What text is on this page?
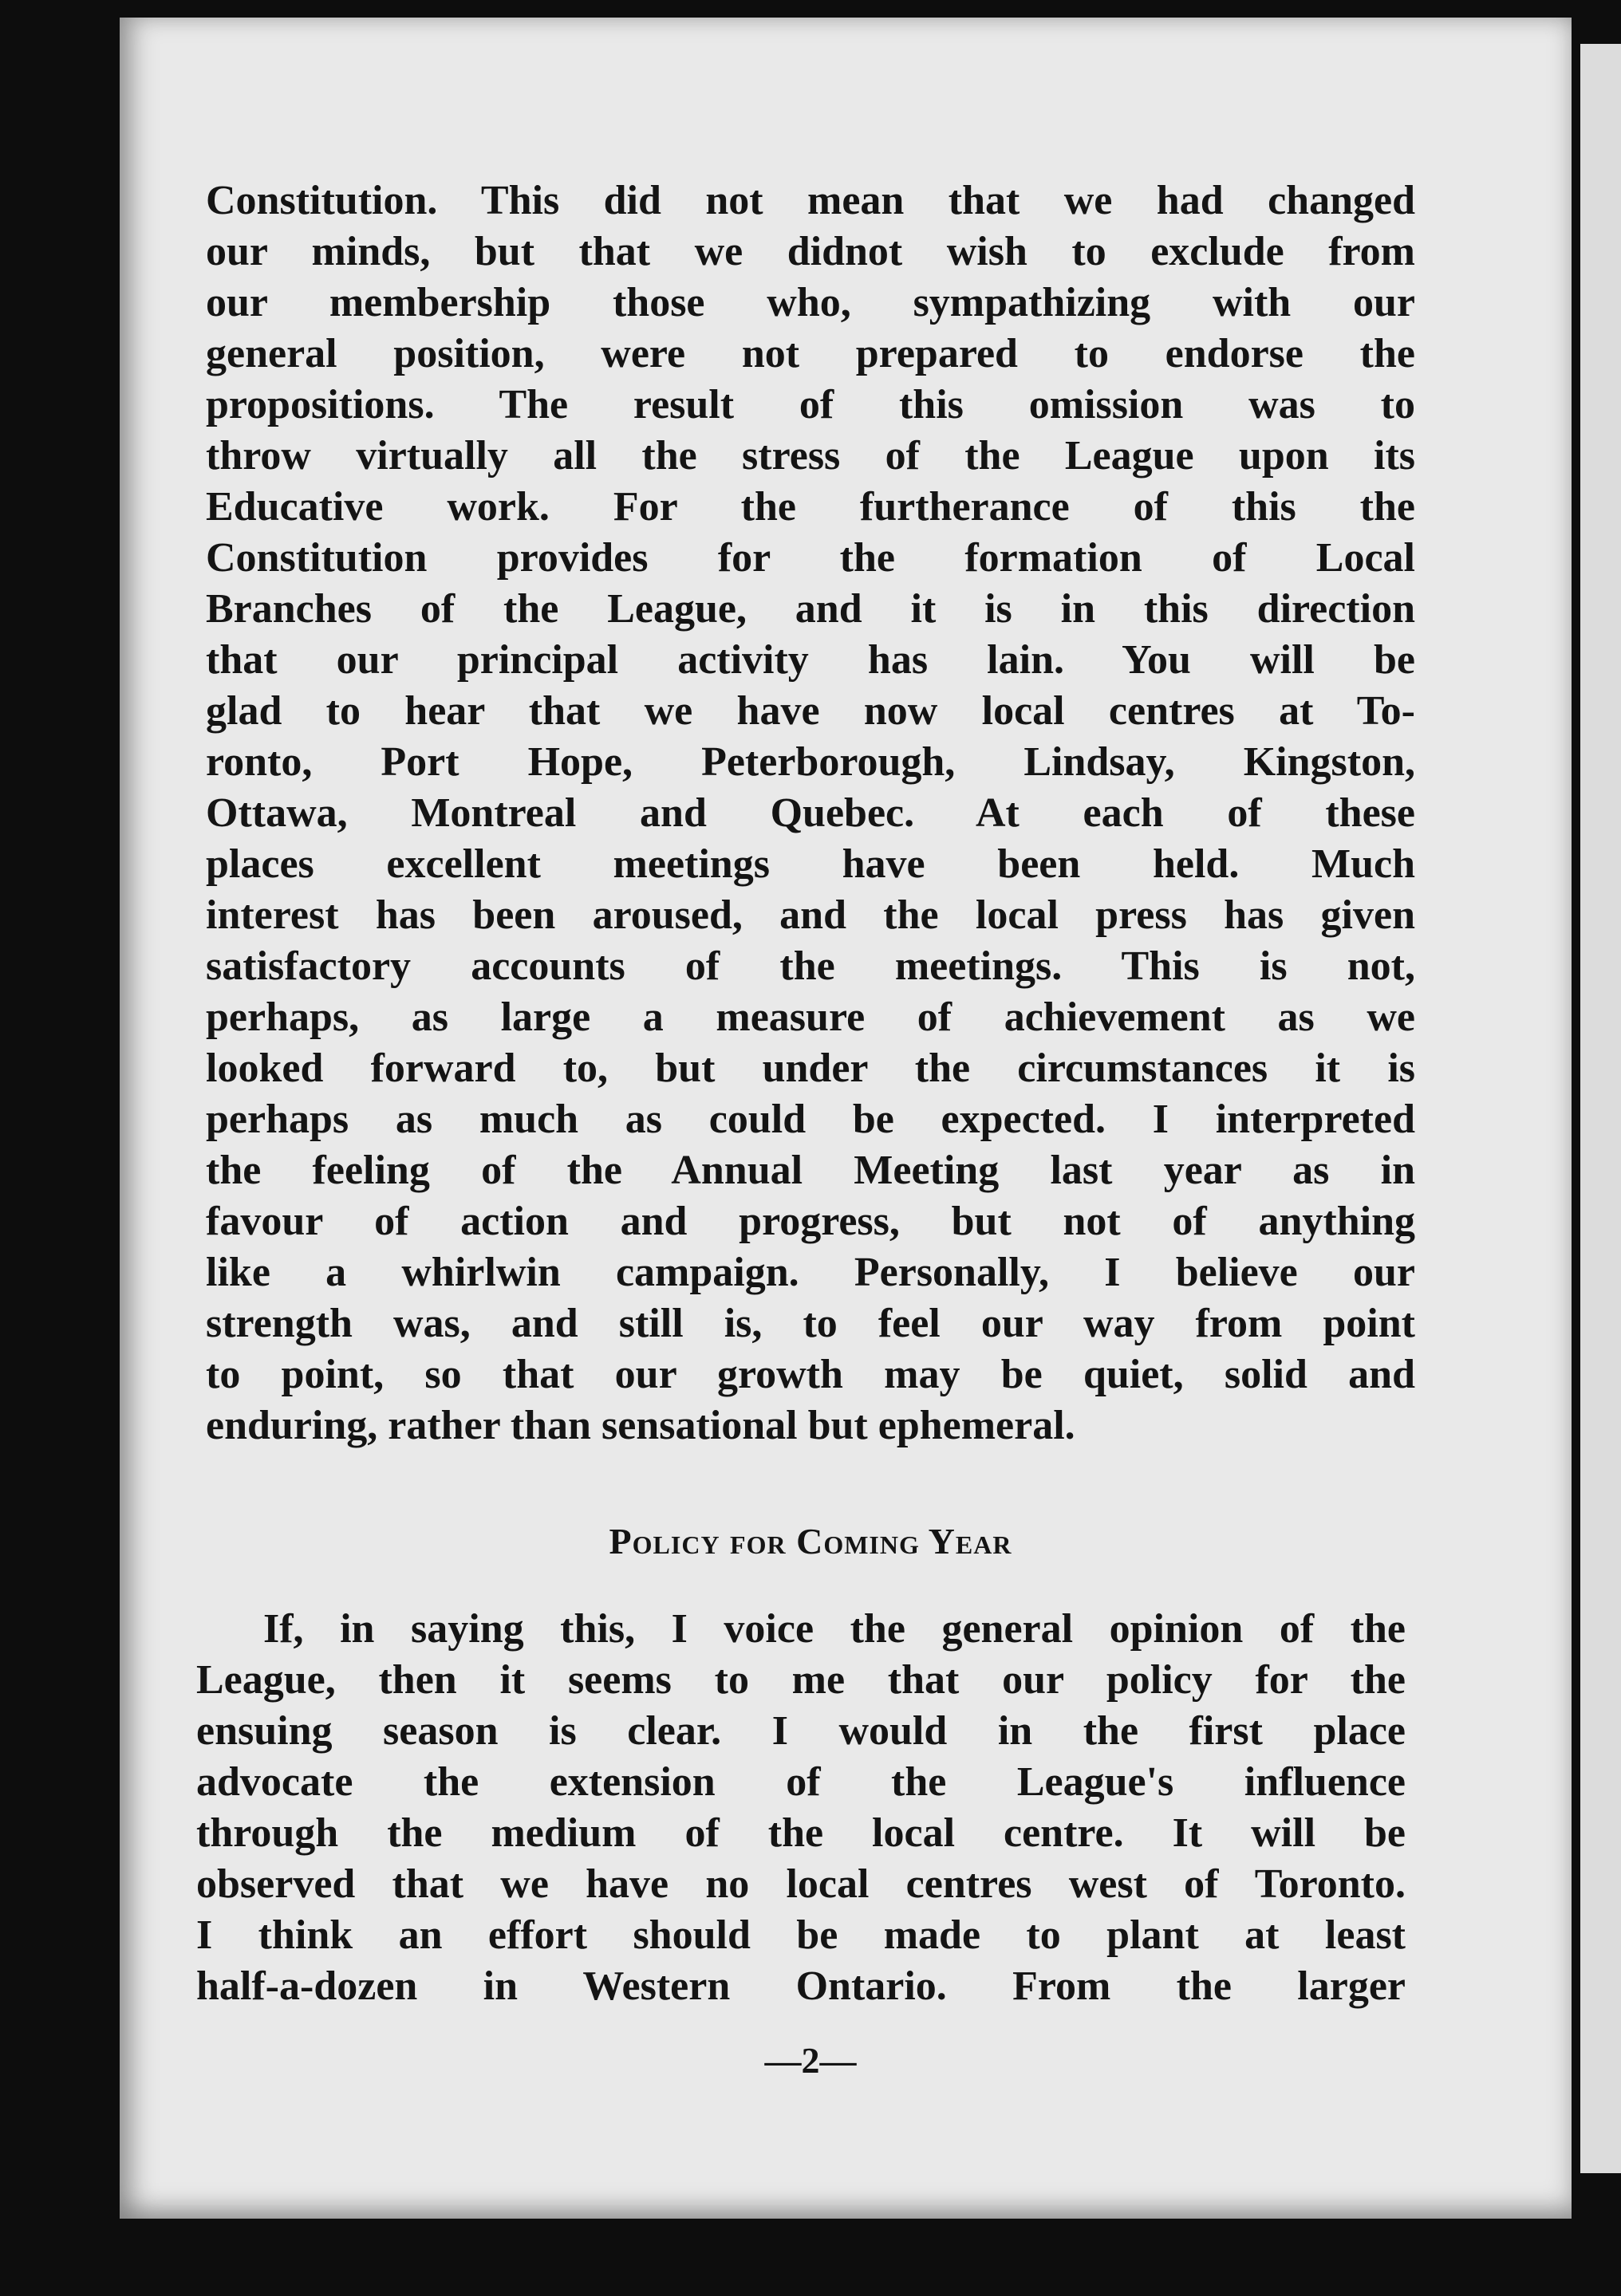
Constitution. This did not mean that we had changed
our minds, but that we didnot wish to exclude from
our membership those who, sympathizing with our
general position, were not prepared to endorse the
propositions. The result of this omission was to
throw virtually all the stress of the League upon its
Educative work. For the furtherance of this the
Constitution provides for the formation of Local
Branches of the League, and it is in this direction
that our principal activity has lain. You will be
glad to hear that we have now local centres at To-
ronto, Port Hope, Peterborough, Lindsay, Kingston,
Ottawa, Montreal and Quebec. At each of these
places excellent meetings have been held. Much
interest has been aroused, and the local press has given
satisfactory accounts of the meetings. This is not,
perhaps, as large a measure of achievement as we
looked forward to, but under the circumstances it is
perhaps as much as could be expected. I interpreted
the feeling of the Annual Meeting last year as in
favour of action and progress, but not of anything
like a whirlwin campaign. Personally, I believe our
strength was, and still is, to feel our way from point
to point, so that our growth may be quiet, solid and
enduring, rather than sensational but ephemeral.
Policy for Coming Year
If, in saying this, I voice the general opinion of the
League, then it seems to me that our policy for the
ensuing season is clear. I would in the first place
advocate the extension of the League's influence
through the medium of the local centre. It will be
observed that we have no local centres west of Toronto.
I think an effort should be made to plant at least
half-a-dozen in Western Ontario. From the larger
—2—
